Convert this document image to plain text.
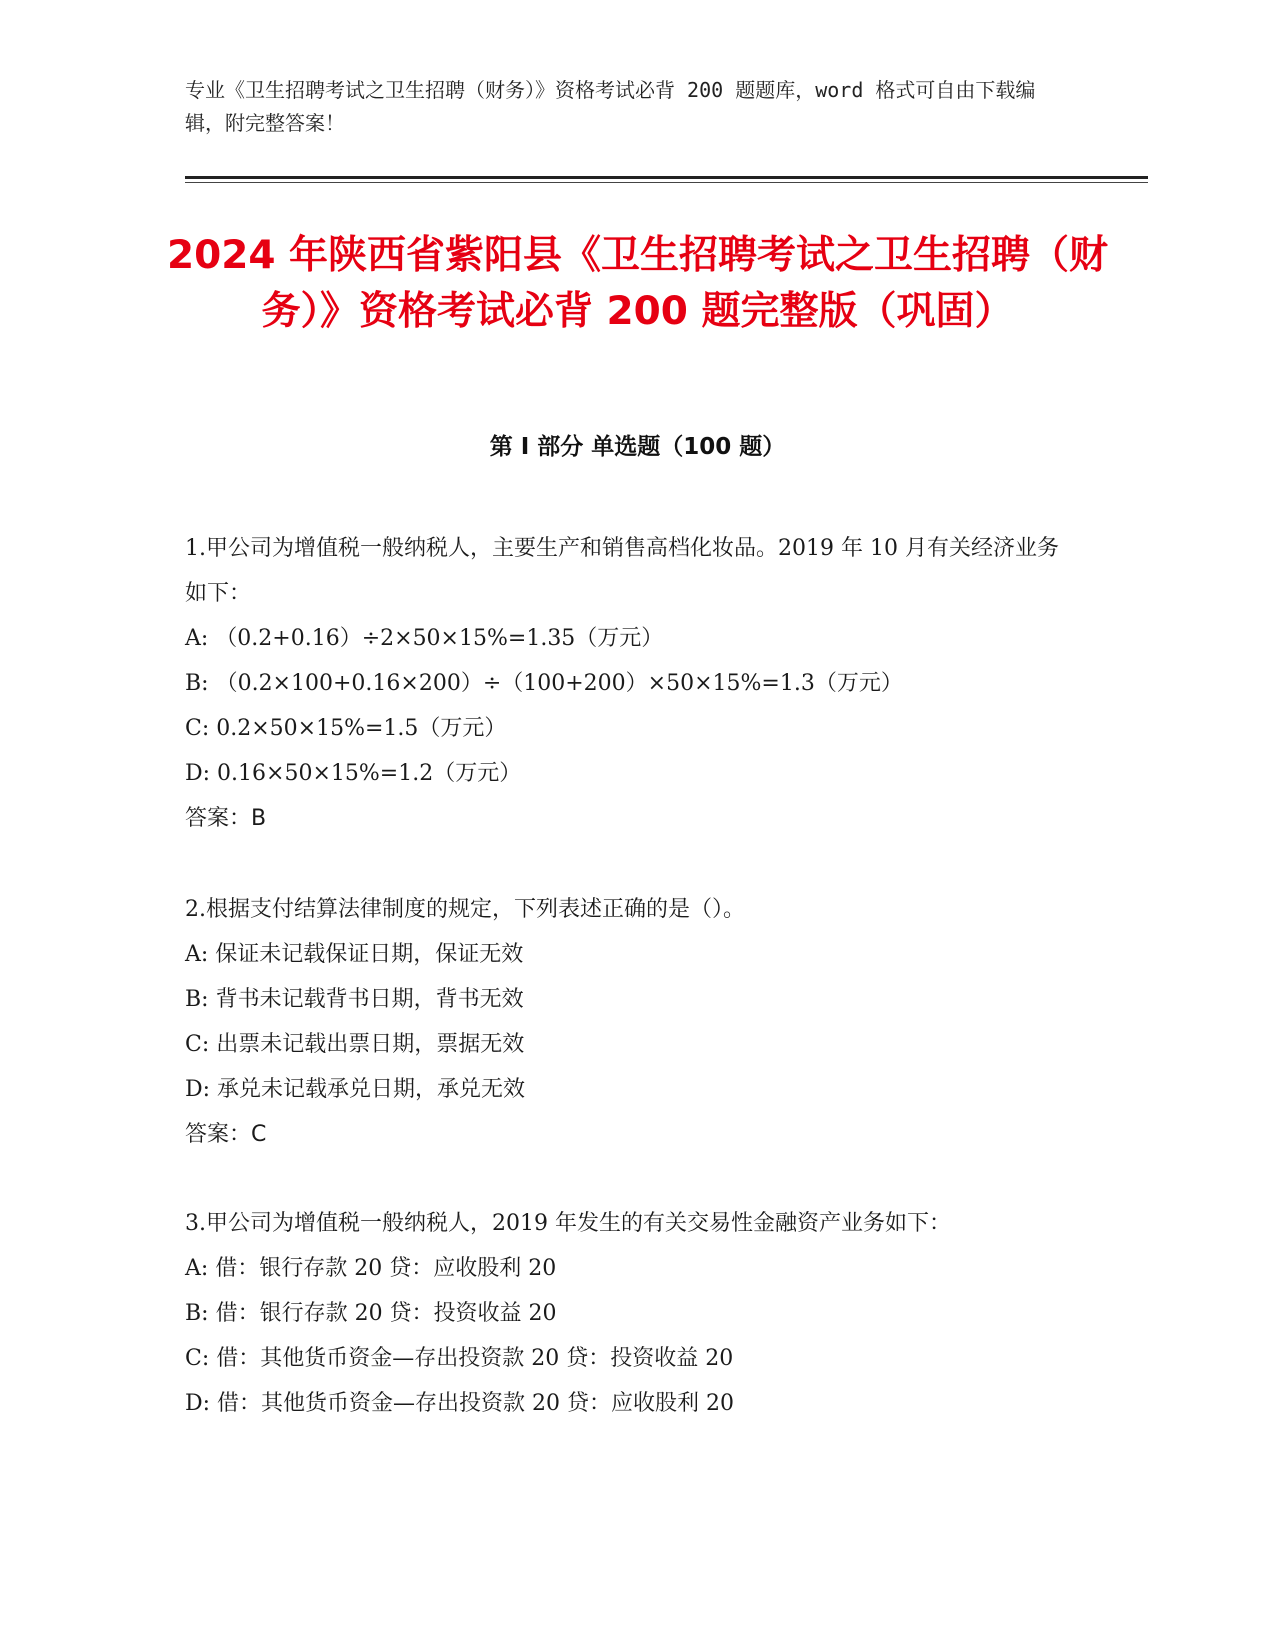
专业《卫生招聘考试之卫生招聘（财务）》资格考试必背 200 题题库，word 格式可自由下载编辑，附完整答案！
2024 年陕西省紫阳县《卫生招聘考试之卫生招聘（财务）》资格考试必背 200 题完整版（巩固）
第 I 部分 单选题（100 题）
1.甲公司为增值税一般纳税人，主要生产和销售高档化妆品。2019 年 10 月有关经济业务如下：
A: （0.2+0.16）÷2×50×15%=1.35（万元）
B: （0.2×100+0.16×200）÷（100+200）×50×15%=1.3（万元）
C: 0.2×50×15%=1.5（万元）
D: 0.16×50×15%=1.2（万元）
答案：B
2.根据支付结算法律制度的规定，下列表述正确的是（）。
A: 保证未记载保证日期，保证无效
B: 背书未记载背书日期，背书无效
C: 出票未记载出票日期，票据无效
D: 承兑未记载承兑日期，承兑无效
答案：C
3.甲公司为增值税一般纳税人，2019 年发生的有关交易性金融资产业务如下：
A: 借：银行存款 20 贷：应收股利 20
B: 借：银行存款 20 贷：投资收益 20
C: 借：其他货币资金—存出投资款 20 贷：投资收益 20
D: 借：其他货币资金—存出投资款 20 贷：应收股利 20
